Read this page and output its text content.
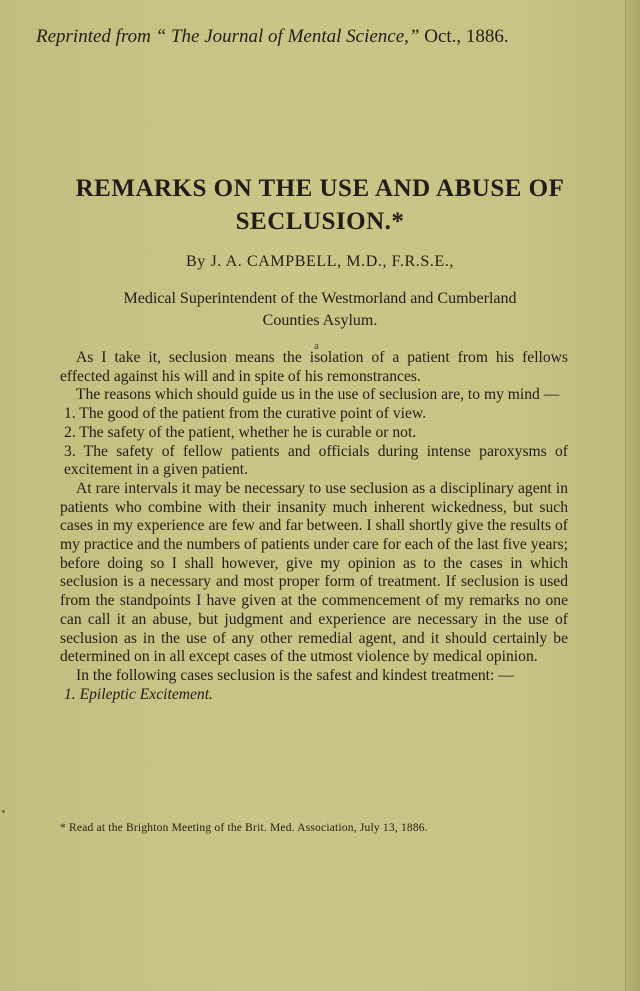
Reprinted from “ The Journal of Mental Science,” Oct., 1886.
REMARKS ON THE USE AND ABUSE OF
SECLUSION.*
By J. A. CAMPBELL, M.D., F.R.S.E.,
Medical Superintendent of the Westmorland and Cumberland
Counties Asylum.
a

As I take it, seclusion means the isolation of a patient from his fellows effected against his will and in spite of his remonstrances.

The reasons which should guide us in the use of seclusion are, to my mind —

1. The good of the patient from the curative point of view.

2. The safety of the patient, whether he is curable or not.

3. The safety of fellow patients and officials during intense paroxysms of excitement in a given patient.

At rare intervals it may be necessary to use seclusion as a disciplinary agent in patients who combine with their insanity much inherent wickedness, but such cases in my experience are few and far between. I shall shortly give the results of my practice and the numbers of patients under care for each of the last five years; before doing so I shall however, give my opinion as to the cases in which seclusion is a necessary and most proper form of treatment. If seclusion is used from the standpoints I have given at the commencement of my remarks no one can call it an abuse, but judgment and experience are necessary in the use of seclusion as in the use of any other remedial agent, and it should certainly be determined on in all except cases of the utmost violence by medical opinion.

In the following cases seclusion is the safest and kindest treatment: —

1. Epileptic Excitement.

* Read at the Brighton Meeting of the Brit. Med. Association, July 13, 1886.
